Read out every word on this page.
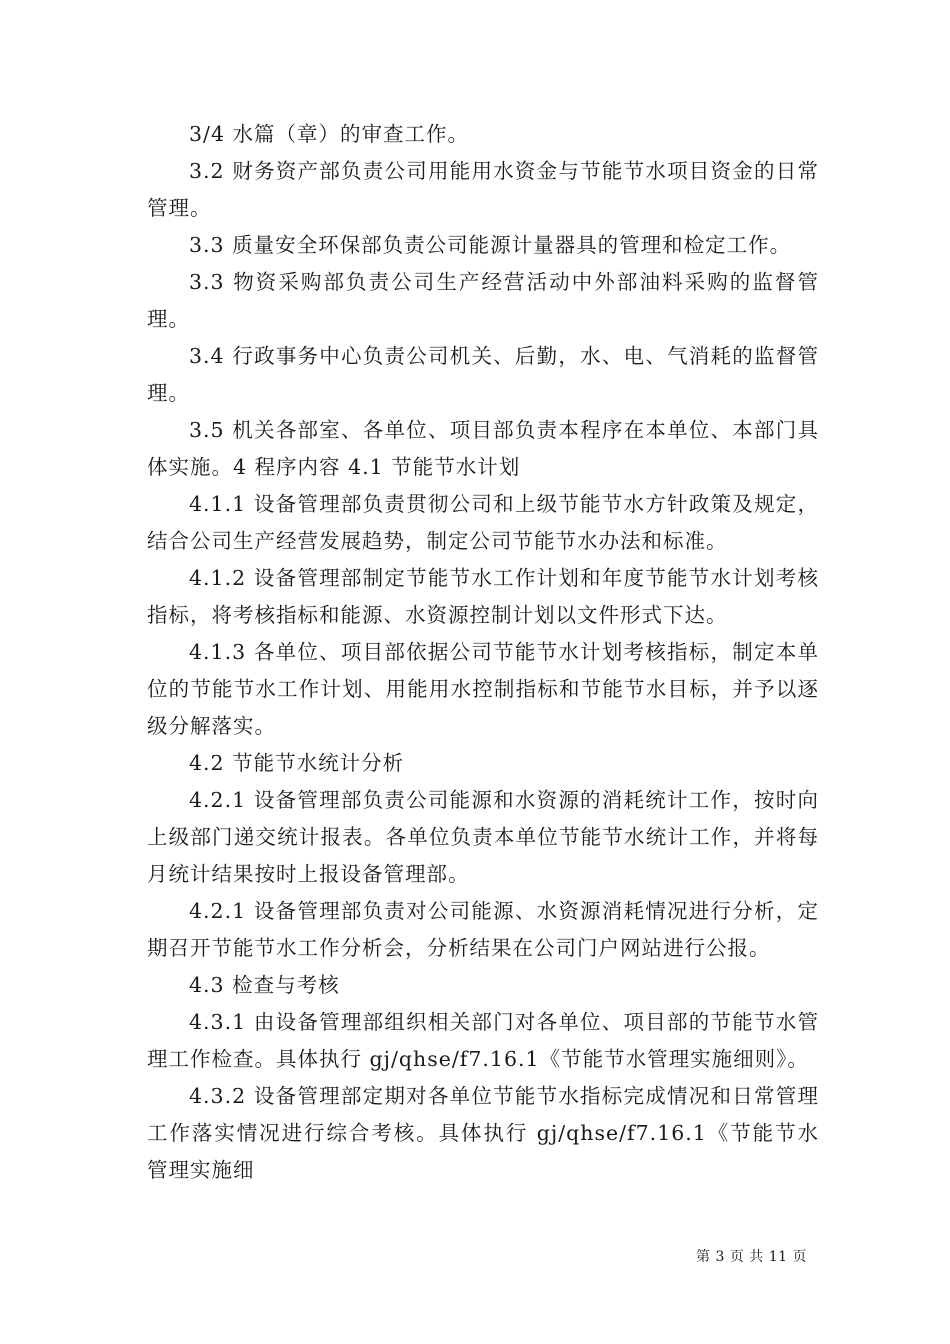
3/4 水篇（章）的审查工作。

3.2 财务资产部负责公司用能用水资金与节能节水项目资金的日常管理。

3.3 质量安全环保部负责公司能源计量器具的管理和检定工作。

3.3 物资采购部负责公司生产经营活动中外部油料采购的监督管理。

3.4 行政事务中心负责公司机关、后勤，水、电、气消耗的监督管理。

3.5 机关各部室、各单位、项目部负责本程序在本单位、本部门具体实施。4 程序内容 4.1 节能节水计划

4.1.1 设备管理部负责贯彻公司和上级节能节水方针政策及规定，结合公司生产经营发展趋势，制定公司节能节水办法和标准。

4.1.2 设备管理部制定节能节水工作计划和年度节能节水计划考核指标，将考核指标和能源、水资源控制计划以文件形式下达。

4.1.3 各单位、项目部依据公司节能节水计划考核指标，制定本单位的节能节水工作计划、用能用水控制指标和节能节水目标，并予以逐级分解落实。

4.2 节能节水统计分析

4.2.1 设备管理部负责公司能源和水资源的消耗统计工作，按时向上级部门递交统计报表。各单位负责本单位节能节水统计工作，并将每月统计结果按时上报设备管理部。

4.2.1 设备管理部负责对公司能源、水资源消耗情况进行分析，定期召开节能节水工作分析会，分析结果在公司门户网站进行公报。

4.3 检查与考核

4.3.1 由设备管理部组织相关部门对各单位、项目部的节能节水管理工作检查。具体执行 gj/qhse/f7.16.1《节能节水管理实施细则》。

4.3.2 设备管理部定期对各单位节能节水指标完成情况和日常管理工作落实情况进行综合考核。具体执行 gj/qhse/f7.16.1《节能节水管理实施细

第 3 页 共 11 页
